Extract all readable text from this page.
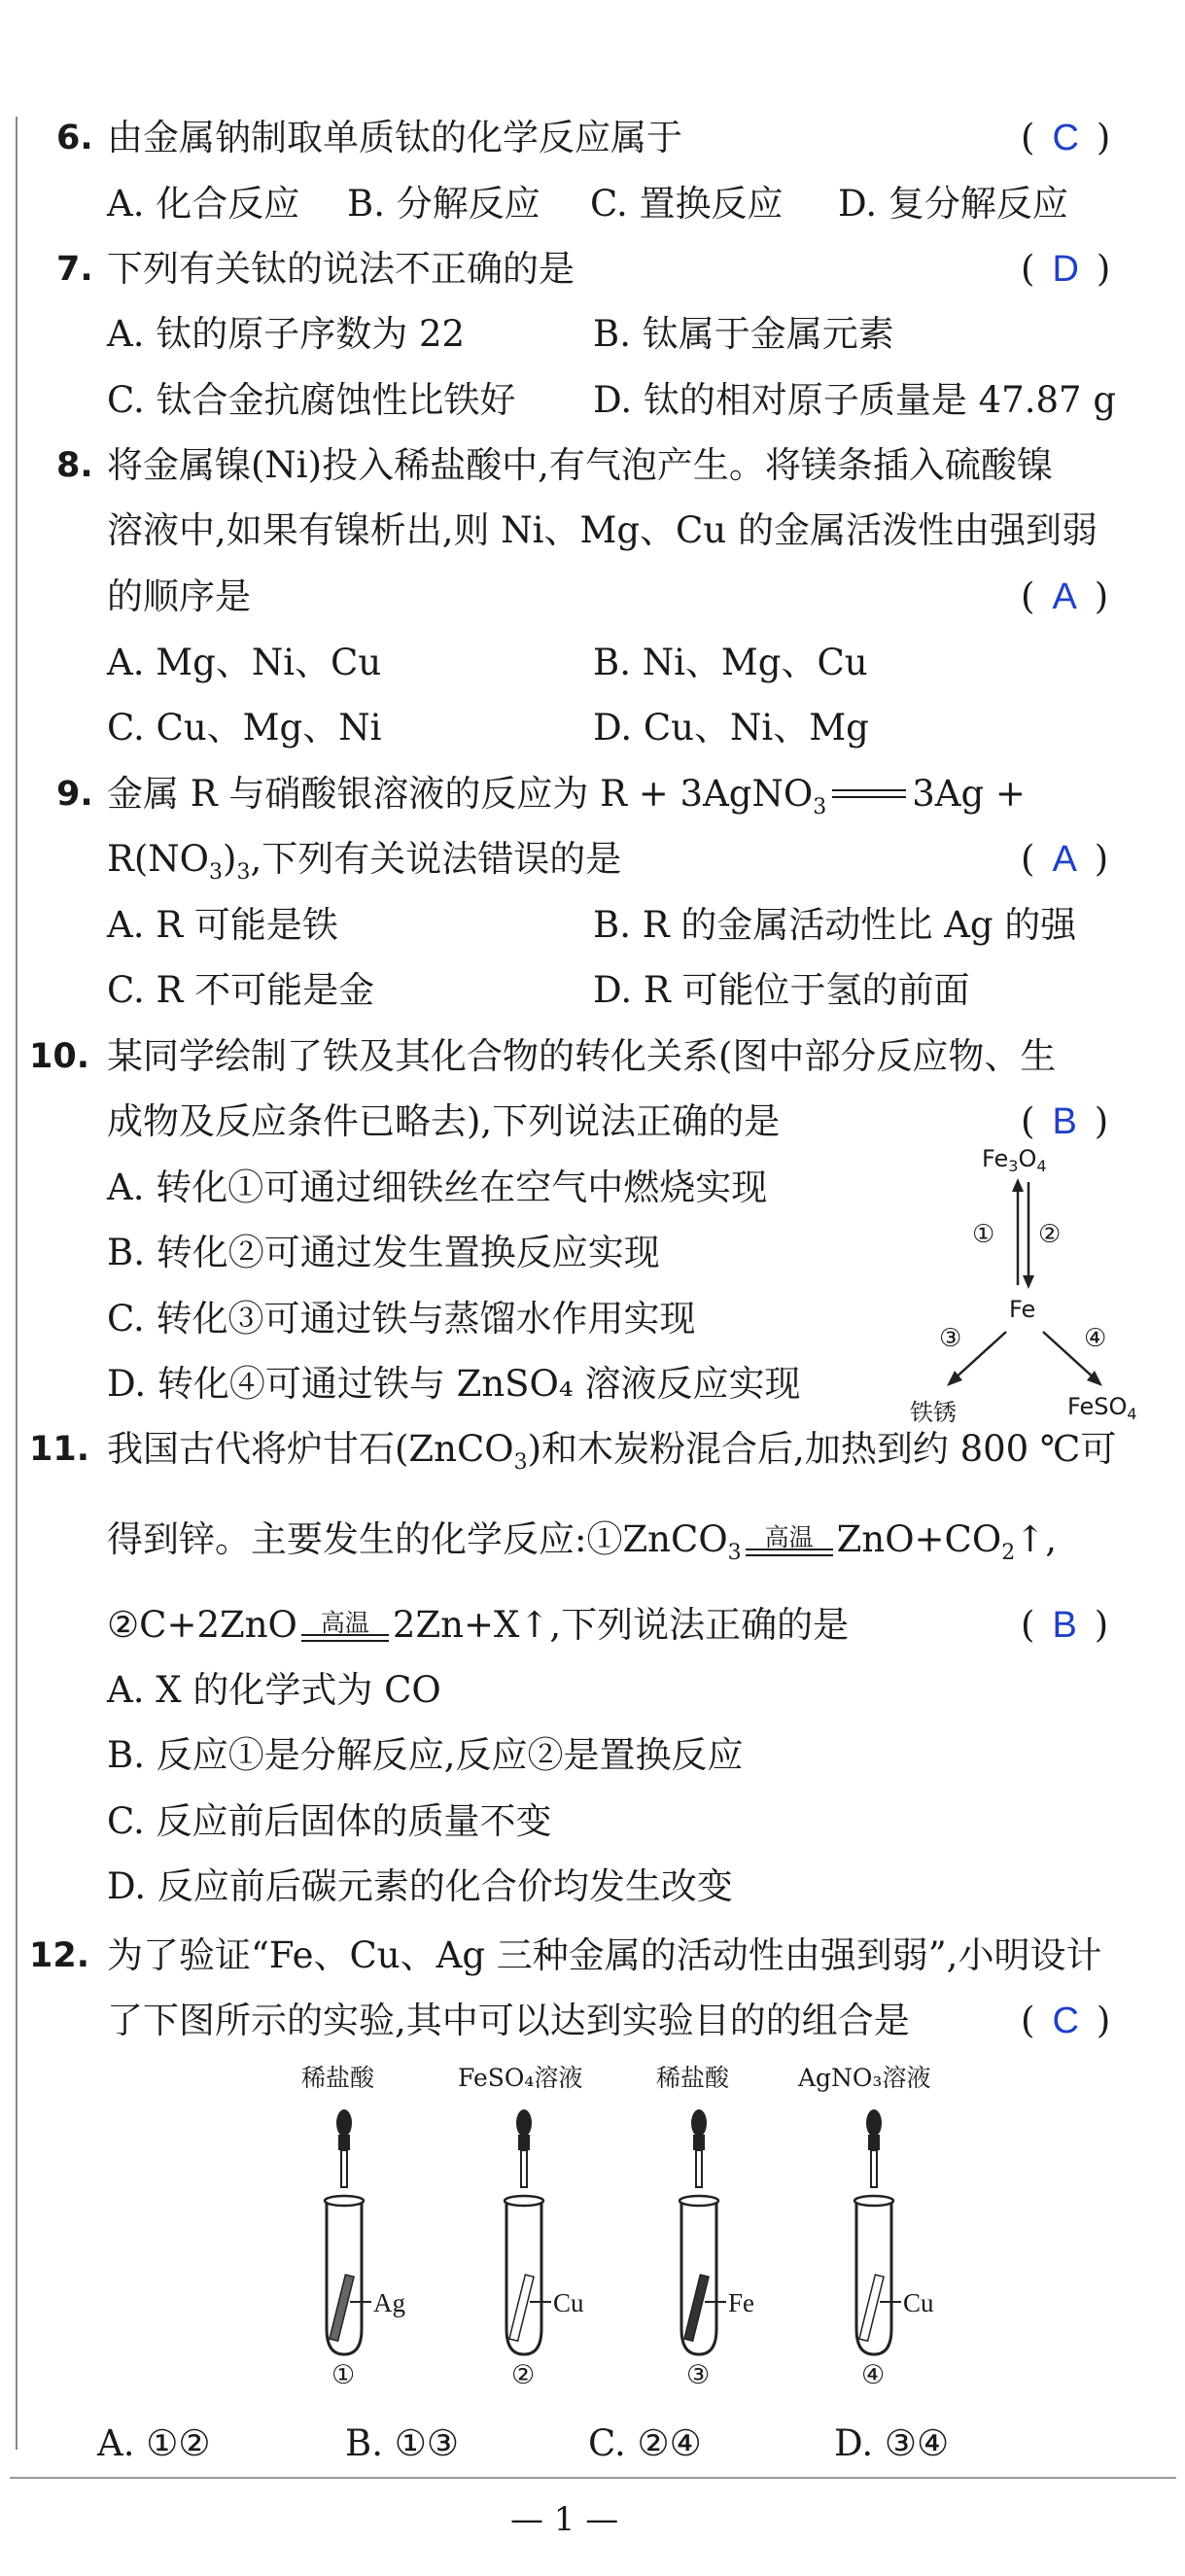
6. 由金属钠制取单质钛的化学反应属于	( C )
A. 化合反应 B. 分解反应 C. 置换反应 D. 复分解反应
7. 下列有关钛的说法不正确的是	( D )
A. 钛的原子序数为 22	B. 钛属于金属元素
C. 钛合金抗腐蚀性比铁好 D. 钛的相对原子质量是 47.87 g
8. 将金属镍(Ni)投入稀盐酸中,有气泡产生。将镁条插入硫酸镍
溶液中,如果有镍析出,则 Ni、Mg、Cu 的金属活泼性由强到弱
的顺序是	( A )
A. Mg、Ni、Cu	B. Ni、Mg、Cu
C. Cu、Mg、Ni	D. Cu、Ni、Mg
9. 金属 R 与硝酸银溶液的反应为 R + 3AgNO$_3$ 3Ag +
$R(NO_3)_3$,下列有关说法错误的是	( A )
A. R 可能是铁	B. R 的金属活动性比 Ag 的强
C. R 不可能是金	D. R 可能位于氢的前面
10. 某同学绘制了铁及其化合物的转化关系(图中部分反应物、生
成物及反应条件已略去),下列说法正确的是	( B )
A. 转化①可通过细铁丝在空气中燃烧实现
B. 转化②可通过发生置换反应实现
C. 转化③可通过铁与蒸馏水作用实现
D. 转化④可通过铁与 ZnSO₄ 溶液反应实现
$Fe_3O_4$
① ②
Fe
③	④
铁锈	FeSO$_4$
11. 我国古代将炉甘石(ZnCO$_3$)和木炭粉混合后,加热到约 800 ℃可
得到锌。主要发生的化学反应:①ZnCO$_3$
高温 $ZnO+CO_2↑$,
②C+2ZnO 高温 2Zn+X↑,下列说法正确的是	( B )
A. X 的化学式为 CO
B. 反应①是分解反应,反应②是置换反应
C. 反应前后固体的质量不变
D. 反应前后碳元素的化合价均发生改变
12. 为了验证“Fe、Cu、Ag 三种金属的活动性由强到弱”,小明设计
了下图所示的实验,其中可以达到实验目的的组合是	( C )
稀盐酸
Ag
①
FeSO₄溶液
Cu
②
稀盐酸
Fe
③
AgNO₃溶液
Cu
④
A. ①②	B. ①③	C. ②④	D. ③④
— 1 —
